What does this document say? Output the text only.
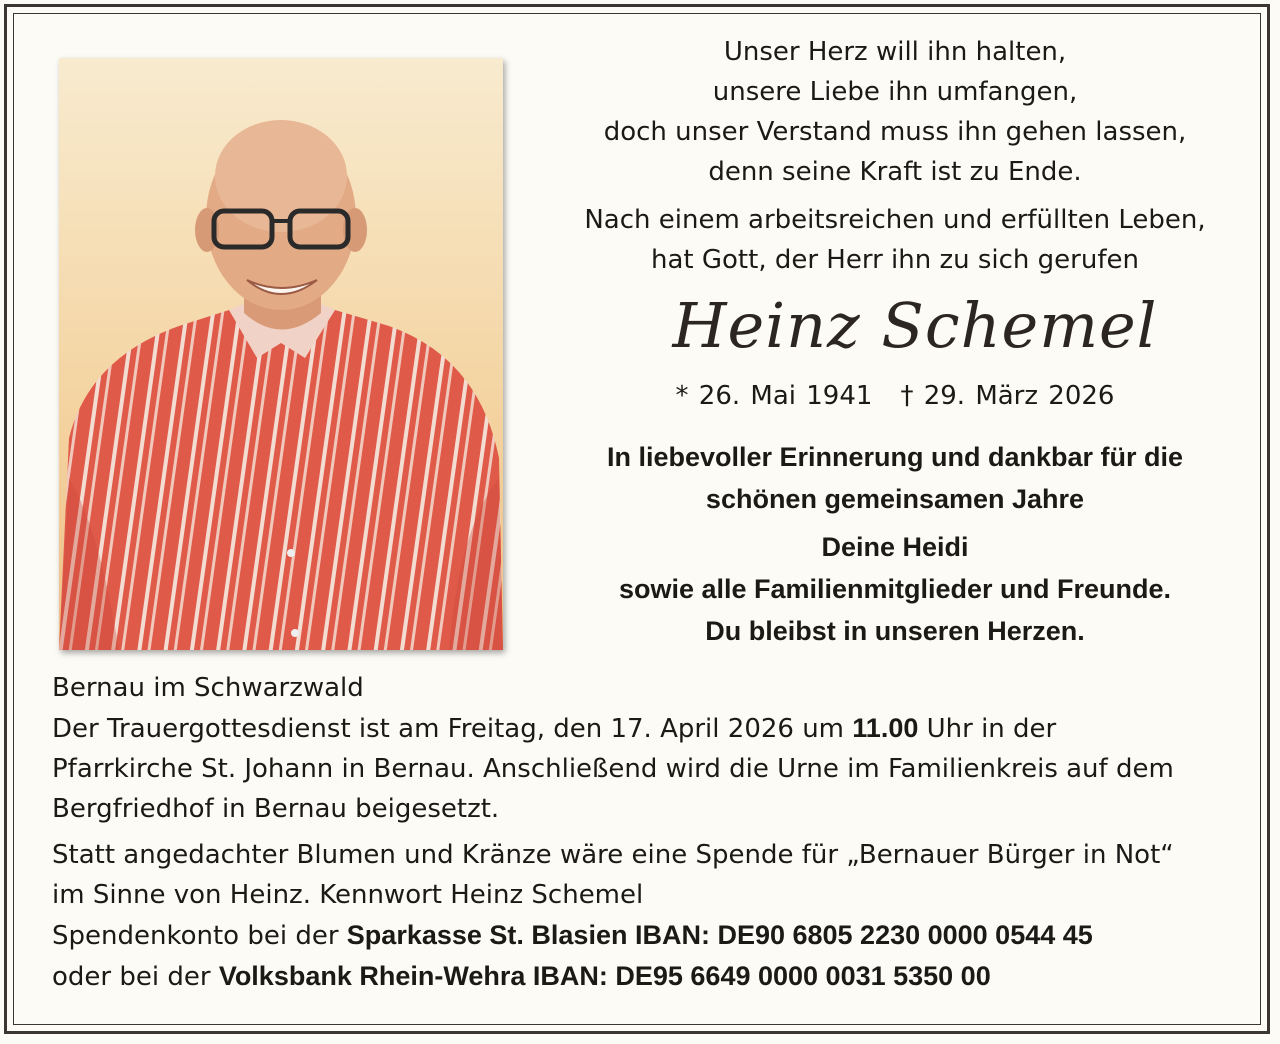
Unser Herz will ihn halten,

unsere Liebe ihn umfangen,

doch unser Verstand muss ihn gehen lassen,

denn seine Kraft ist zu Ende.

Nach einem arbeitsreichen und erfüllten Leben,

hat Gott, der Herr ihn zu sich gerufen

Heinz Schemel

* 26. Mai 1941 † 29. März 2026

In liebevoller Erinnerung und dankbar für die

schönen gemeinsamen Jahre

Deine Heidi

sowie alle Familienmitglieder und Freunde.

Du bleibst in unseren Herzen.

Bernau im Schwarzwald

Der Trauergottesdienst ist am Freitag, den 17. April 2026 um 11.00 Uhr in der

Pfarrkirche St. Johann in Bernau. Anschließend wird die Urne im Familienkreis auf dem

Bergfriedhof in Bernau beigesetzt.

Statt angedachter Blumen und Kränze wäre eine Spende für „Bernauer Bürger in Not“

im Sinne von Heinz. Kennwort Heinz Schemel

Spendenkonto bei der Sparkasse St. Blasien IBAN: DE90 6805 2230 0000 0544 45

oder bei der Volksbank Rhein-Wehra IBAN: DE95 6649 0000 0031 5350 00
